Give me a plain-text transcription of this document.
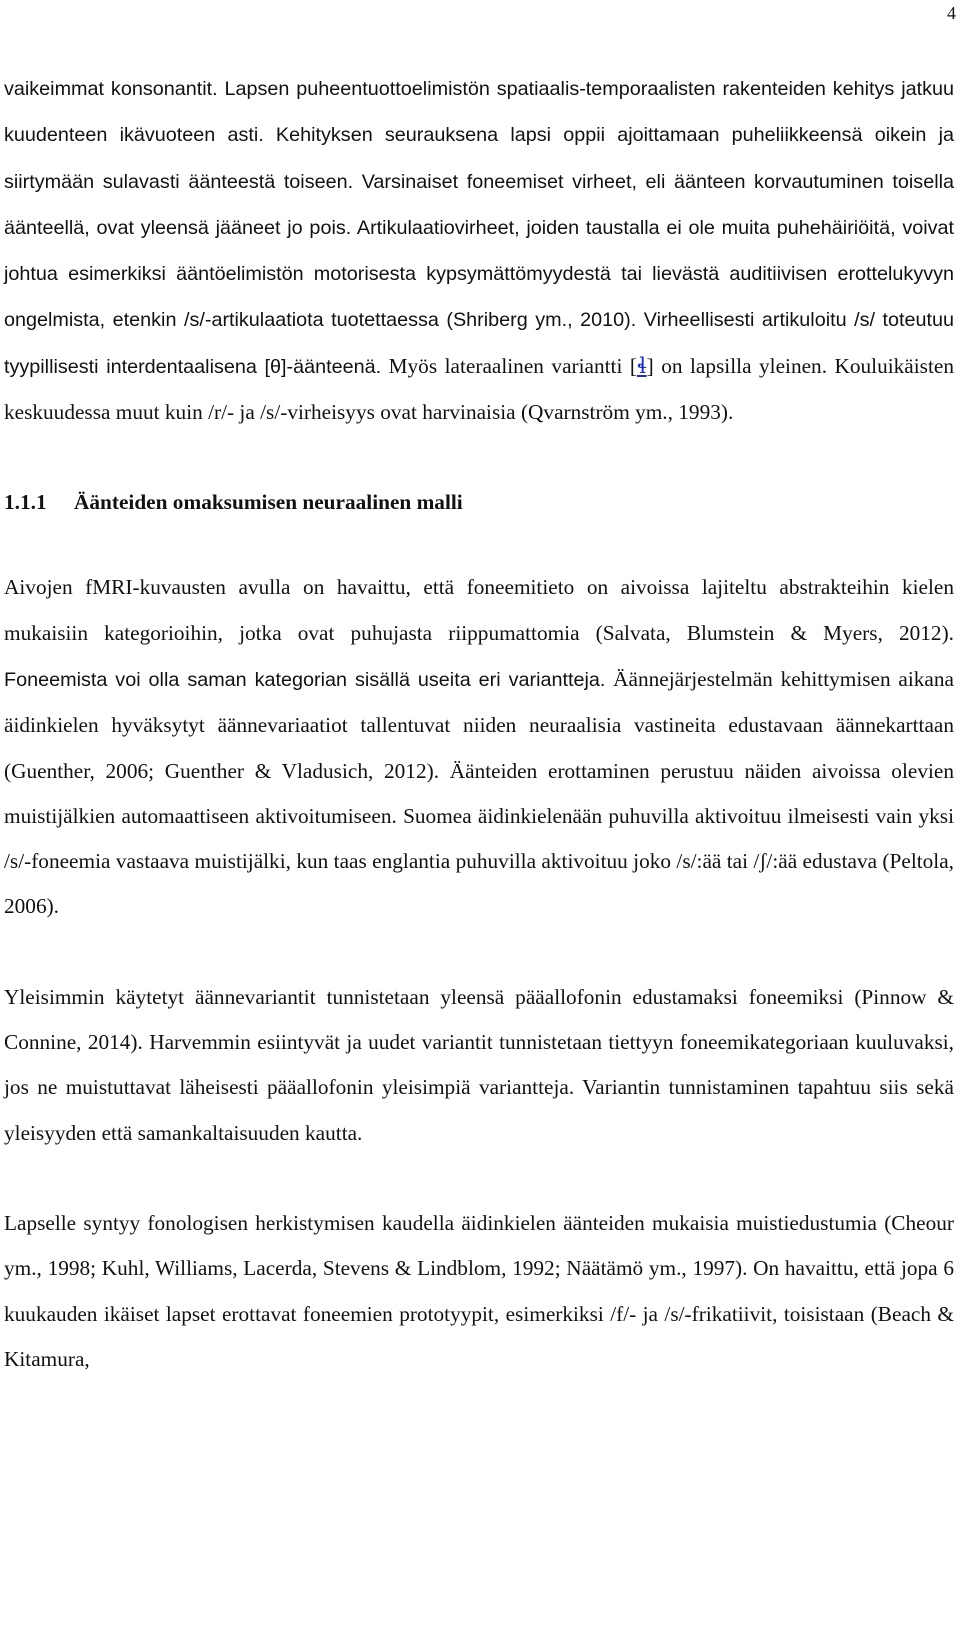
4

vaikeimmat konsonantit. Lapsen puheentuottoelimistön spatiaalis-temporaalisten rakenteiden kehitys jatkuu kuudenteen ikävuoteen asti. Kehityksen seurauksena lapsi oppii ajoittamaan puheliikkeensä oikein ja siirtymään sulavasti äänteestä toiseen. Varsinaiset foneemiset virheet, eli äänteen korvautuminen toisella äänteellä, ovat yleensä jääneet jo pois. Artikulaatiovirheet, joiden taustalla ei ole muita puhehäiriöitä, voivat johtua esimerkiksi ääntöelimistön motorisesta kypsymättömyydestä tai lievästä auditiivisen erottelukyvyn ongelmista, etenkin /s/-artikulaatiota tuotettaessa (Shriberg ym., 2010). Virheellisesti artikuloitu /s/ toteutuu tyypillisesti interdentaalisena [θ]-äänteenä. Myös lateraalinen variantti [ɬ] on lapsilla yleinen. Kouluikäisten keskuudessa muut kuin /r/- ja /s/-virheisyys ovat harvinaisia (Qvarnström ym., 1993).

1.1.1 Äänteiden omaksumisen neuraalinen malli

Aivojen fMRI-kuvausten avulla on havaittu, että foneemitieto on aivoissa lajiteltu abstrakteihin kielen mukaisiin kategorioihin, jotka ovat puhujasta riippumattomia (Salvata, Blumstein & Myers, 2012). Foneemista voi olla saman kategorian sisällä useita eri variantteja. Äännejärjestelmän kehittymisen aikana äidinkielen hyväksytyt äännevariaatiot tallentuvat niiden neuraalisia vastineita edustavaan äännekarttaan (Guenther, 2006; Guenther & Vladusich, 2012). Äänteiden erottaminen perustuu näiden aivoissa olevien muistijälkien automaattiseen aktivoitumiseen. Suomea äidinkielenään puhuvilla aktivoituu ilmeisesti vain yksi /s/-foneemia vastaava muistijälki, kun taas englantia puhuvilla aktivoituu joko /s/:ää tai /ʃ/:ää edustava (Peltola, 2006).

Yleisimmin käytetyt äännevariantit tunnistetaan yleensä pääallofonin edustamaksi foneemiksi (Pinnow & Connine, 2014). Harvemmin esiintyvät ja uudet variantit tunnistetaan tiettyyn foneemikategoriaan kuuluvaksi, jos ne muistuttavat läheisesti pääallofonin yleisimpiä variantteja. Variantin tunnistaminen tapahtuu siis sekä yleisyyden että samankaltaisuuden kautta.

Lapselle syntyy fonologisen herkistymisen kaudella äidinkielen äänteiden mukaisia muistiedustumia (Cheour ym., 1998; Kuhl, Williams, Lacerda, Stevens & Lindblom, 1992; Näätämö ym., 1997). On havaittu, että jopa 6 kuukauden ikäiset lapset erottavat foneemien prototyypit, esimerkiksi /f/- ja /s/-frikatiivit, toisistaan (Beach & Kitamura,
